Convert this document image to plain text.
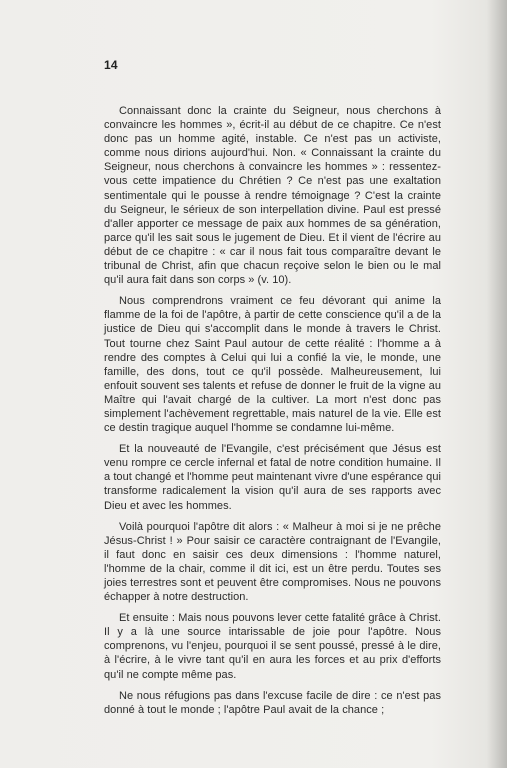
14

Connaissant donc la crainte du Seigneur, nous cherchons à convaincre les hommes », écrit-il au début de ce chapitre. Ce n'est donc pas un homme agité, instable. Ce n'est pas un activiste, comme nous dirions aujourd'hui. Non. « Connaissant la crainte du Seigneur, nous cherchons à convaincre les hommes » : ressentez-vous cette impatience du Chrétien ? Ce n'est pas une exaltation sentimentale qui le pousse à rendre témoignage ? C'est la crainte du Seigneur, le sérieux de son interpellation divine. Paul est pressé d'aller apporter ce message de paix aux hommes de sa génération, parce qu'il les sait sous le jugement de Dieu. Et il vient de l'écrire au début de ce chapitre : « car il nous fait tous comparaître devant le tribunal de Christ, afin que chacun reçoive selon le bien ou le mal qu'il aura fait dans son corps » (v. 10).

Nous comprendrons vraiment ce feu dévorant qui anime la flamme de la foi de l'apôtre, à partir de cette conscience qu'il a de la justice de Dieu qui s'accomplit dans le monde à travers le Christ. Tout tourne chez Saint Paul autour de cette réalité : l'homme a à rendre des comptes à Celui qui lui a confié la vie, le monde, une famille, des dons, tout ce qu'il possède. Malheureusement, lui enfouit souvent ses talents et refuse de donner le fruit de la vigne au Maître qui l'avait chargé de la cultiver. La mort n'est donc pas simplement l'achèvement regrettable, mais naturel de la vie. Elle est ce destin tragique auquel l'homme se condamne lui-même.

Et la nouveauté de l'Evangile, c'est précisément que Jésus est venu rompre ce cercle infernal et fatal de notre condition humaine. Il a tout changé et l'homme peut maintenant vivre d'une espérance qui transforme radicalement la vision qu'il aura de ses rapports avec Dieu et avec les hommes.

Voilà pourquoi l'apôtre dit alors : « Malheur à moi si je ne prêche Jésus-Christ ! » Pour saisir ce caractère contraignant de l'Evangile, il faut donc en saisir ces deux dimensions : l'homme naturel, l'homme de la chair, comme il dit ici, est un être perdu. Toutes ses joies terrestres sont et peuvent être compromises. Nous ne pouvons échapper à notre destruction.

Et ensuite : Mais nous pouvons lever cette fatalité grâce à Christ. Il y a là une source intarissable de joie pour l'apôtre. Nous comprenons, vu l'enjeu, pourquoi il se sent poussé, pressé à le dire, à l'écrire, à le vivre tant qu'il en aura les forces et au prix d'efforts qu'il ne compte même pas.

Ne nous réfugions pas dans l'excuse facile de dire : ce n'est pas donné à tout le monde ; l'apôtre Paul avait de la chance ;
